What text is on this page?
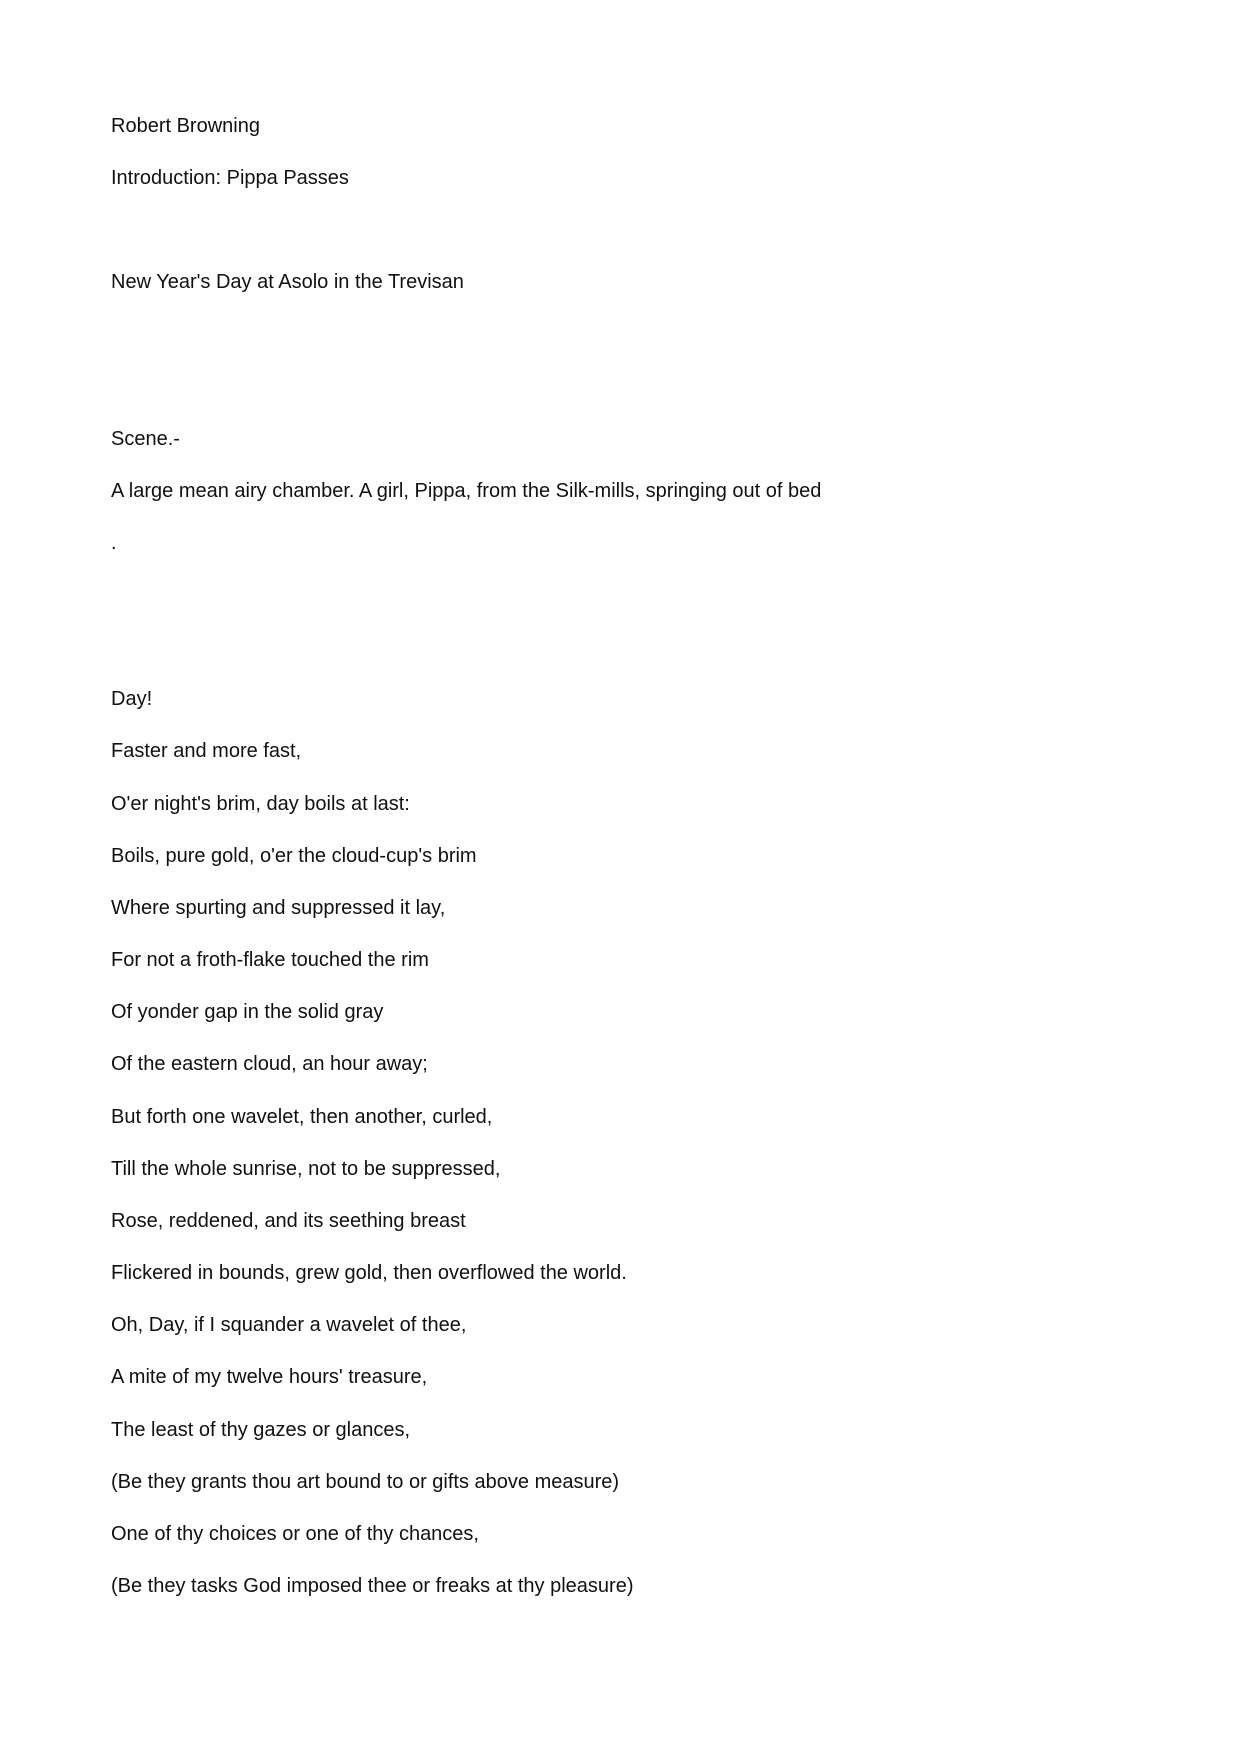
Robert Browning

Introduction: Pippa Passes

New Year's Day at Asolo in the Trevisan

Scene.-

A large mean airy chamber. A girl, Pippa, from the Silk-mills, springing out of bed

.

Day!

Faster and more fast,

O'er night's brim, day boils at last:

Boils, pure gold, o'er the cloud-cup's brim

Where spurting and suppressed it lay,

For not a froth-flake touched the rim

Of yonder gap in the solid gray

Of the eastern cloud, an hour away;

But forth one wavelet, then another, curled,

Till the whole sunrise, not to be suppressed,

Rose, reddened, and its seething breast

Flickered in bounds, grew gold, then overflowed the world.

Oh, Day, if I squander a wavelet of thee,

A mite of my twelve hours' treasure,

The least of thy gazes or glances,

(Be they grants thou art bound to or gifts above measure)

One of thy choices or one of thy chances,

(Be they tasks God imposed thee or freaks at thy pleasure)
